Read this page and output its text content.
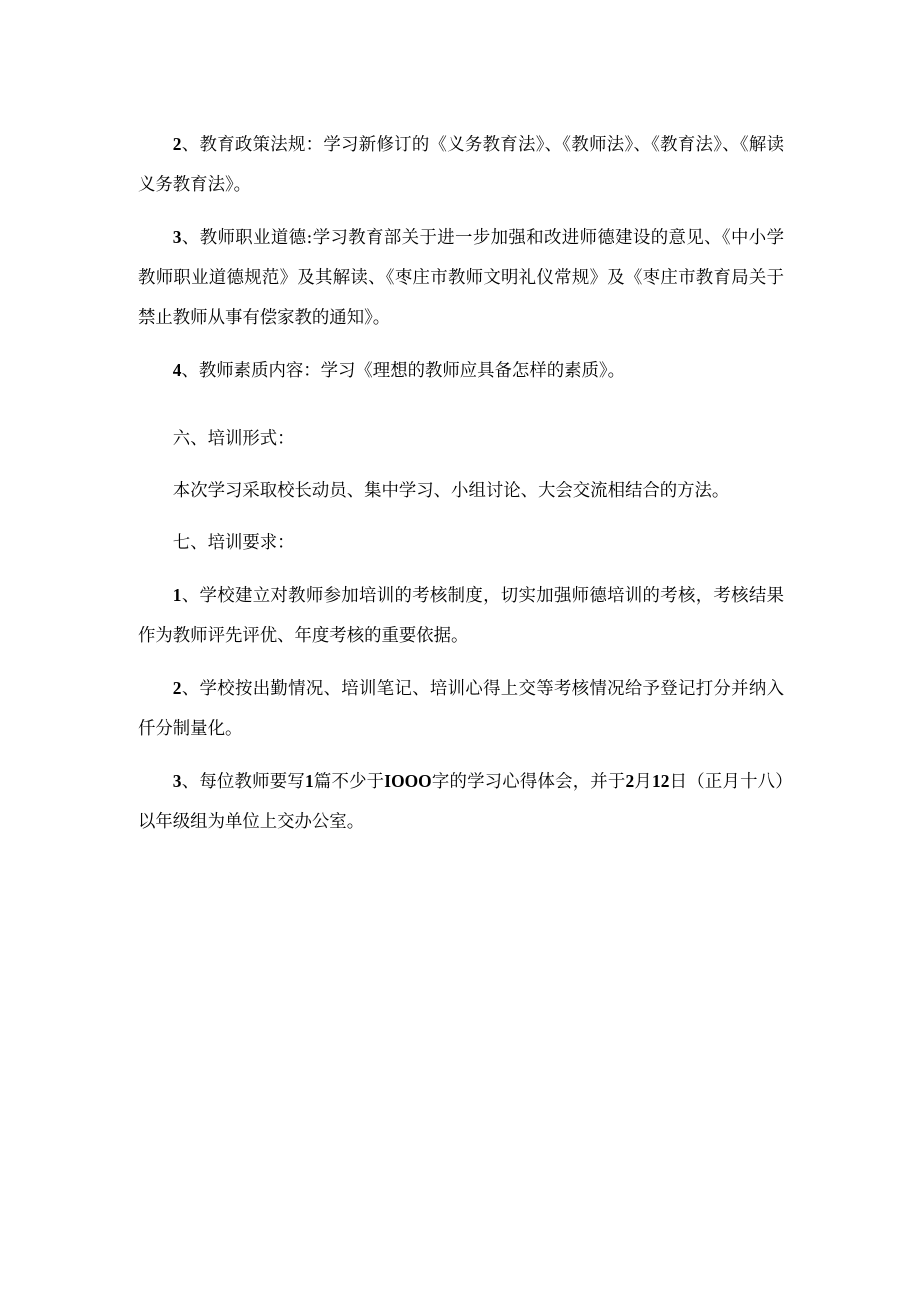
2、教育政策法规：学习新修订的《义务教育法》、《教师法》、《教育法》、《解读义务教育法》。

3、教师职业道德:学习教育部关于进一步加强和改进师德建设的意见、《中小学教师职业道德规范》及其解读、《枣庄市教师文明礼仪常规》及《枣庄市教育局关于禁止教师从事有偿家教的通知》。

4、教师素质内容：学习《理想的教师应具备怎样的素质》。

六、培训形式：

本次学习采取校长动员、集中学习、小组讨论、大会交流相结合的方法。

七、培训要求：

1、学校建立对教师参加培训的考核制度，切实加强师德培训的考核，考核结果作为教师评先评优、年度考核的重要依据。

2、学校按出勤情况、培训笔记、培训心得上交等考核情况给予登记打分并纳入仟分制量化。

3、每位教师要写1篇不少于IOOO字的学习心得体会，并于2月12日（正月十八）以年级组为单位上交办公室。
